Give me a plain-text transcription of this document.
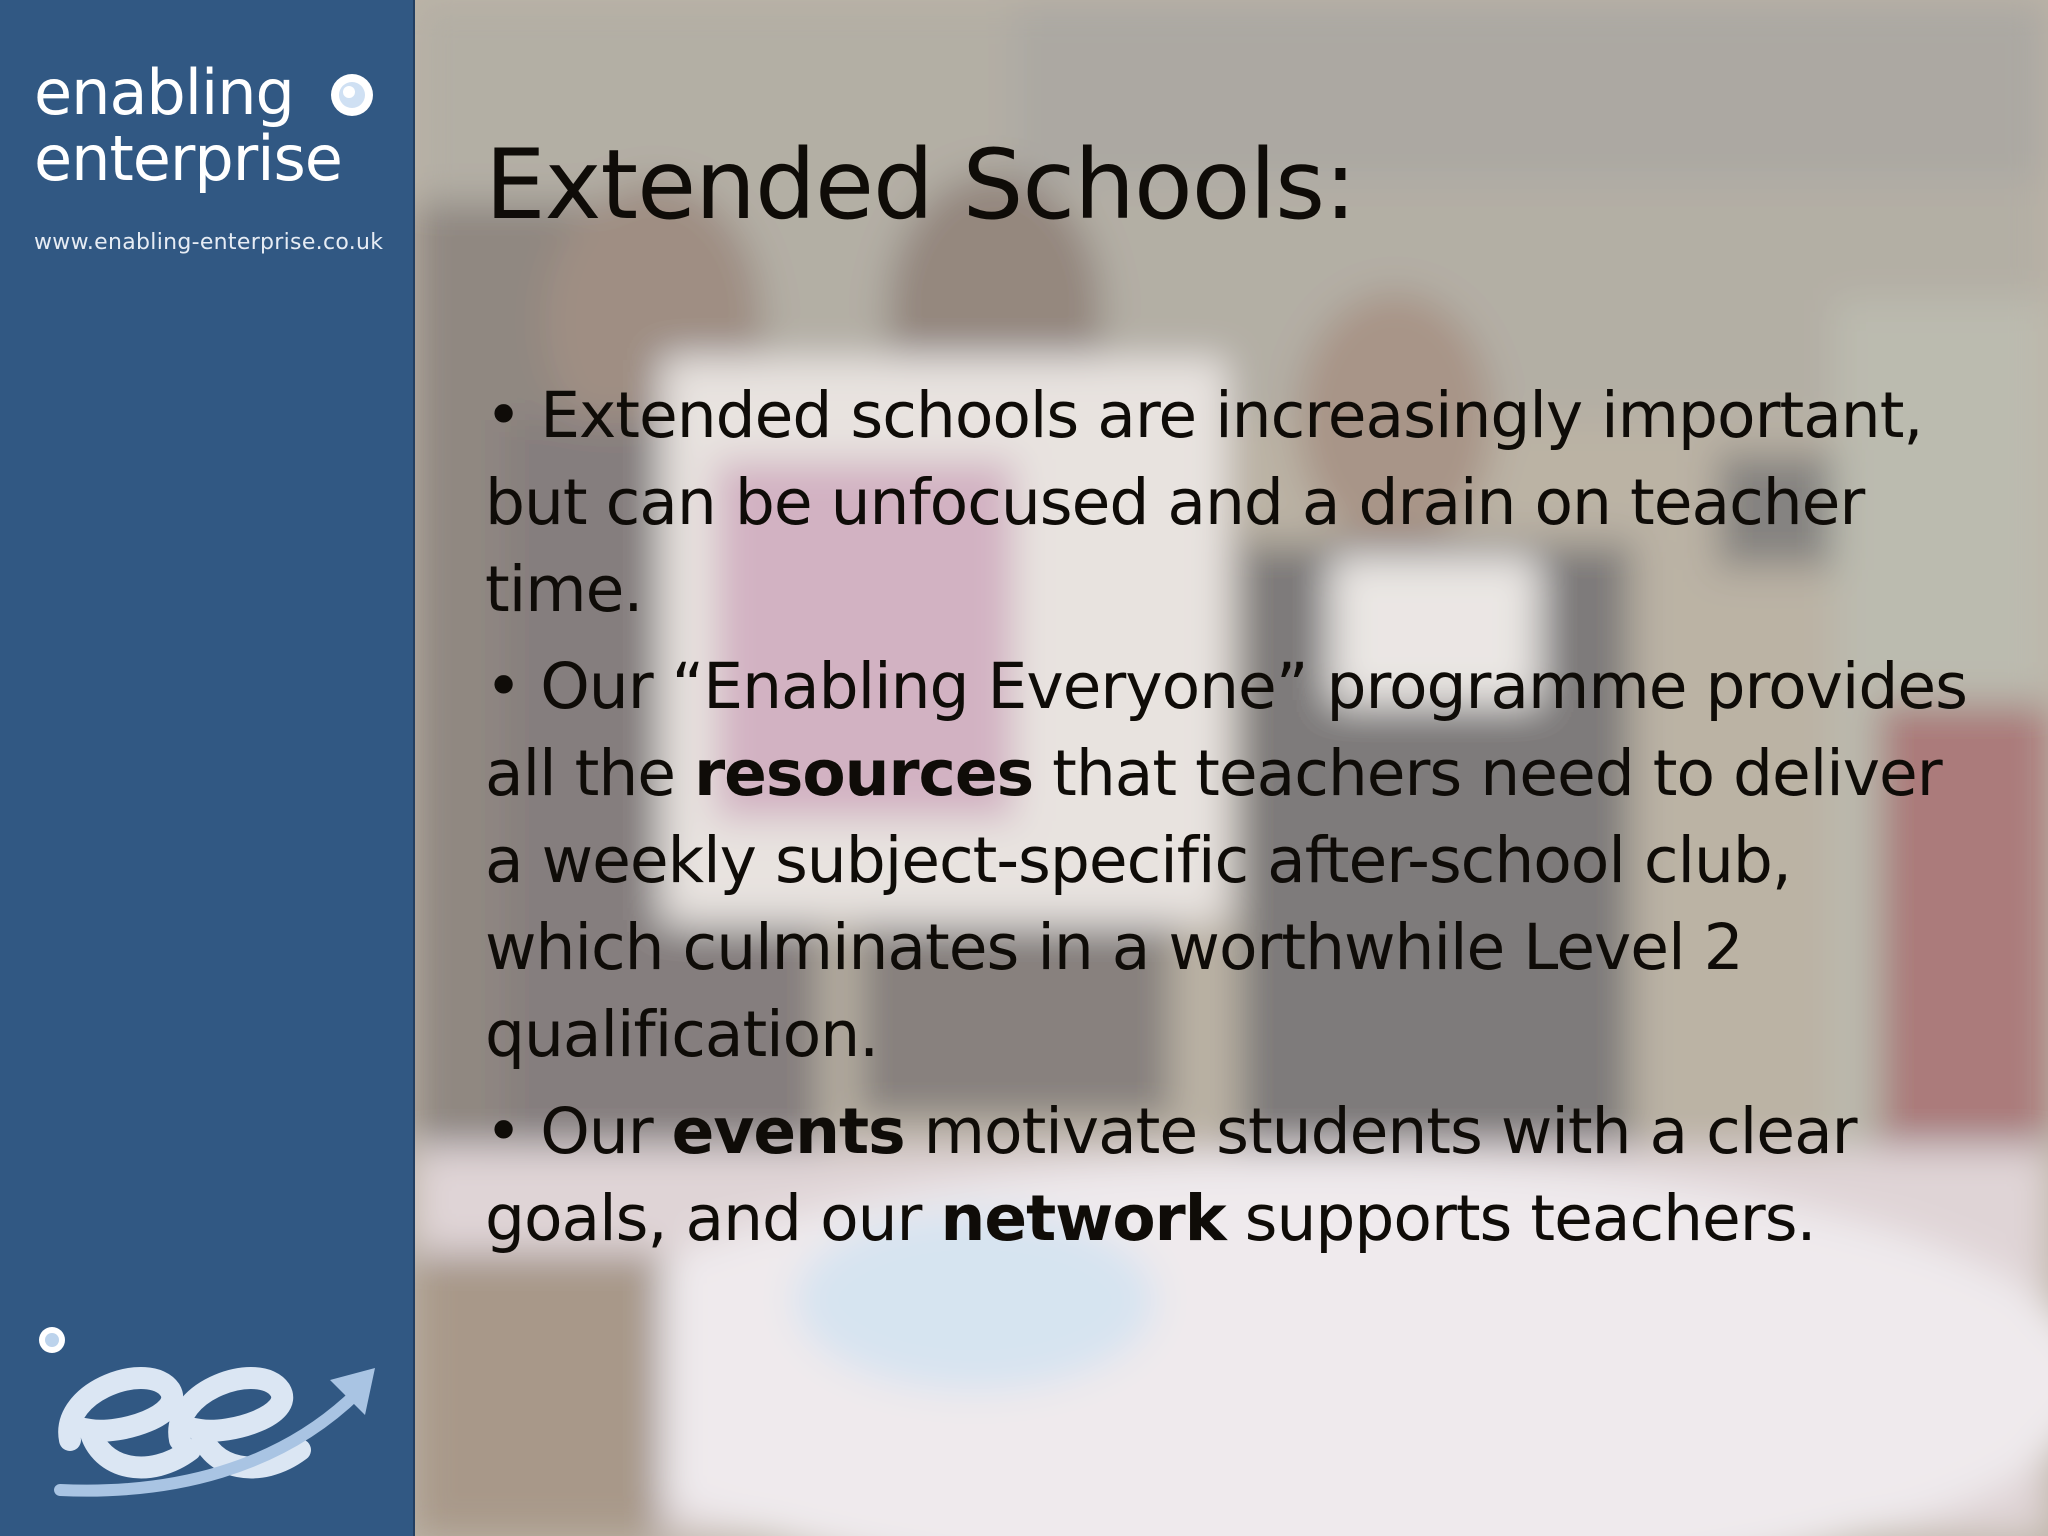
enabling
enterprise
www.enabling-enterprise.co.uk
Extended Schools:
• Extended schools are increasingly important, but can be unfocused and a drain on teacher time.
• Our “Enabling Everyone” programme provides all the resources that teachers need to deliver a weekly subject-specific after-school club, which culminates in a worthwhile Level 2 qualification.
• Our events motivate students with a clear goals, and our network supports teachers.
